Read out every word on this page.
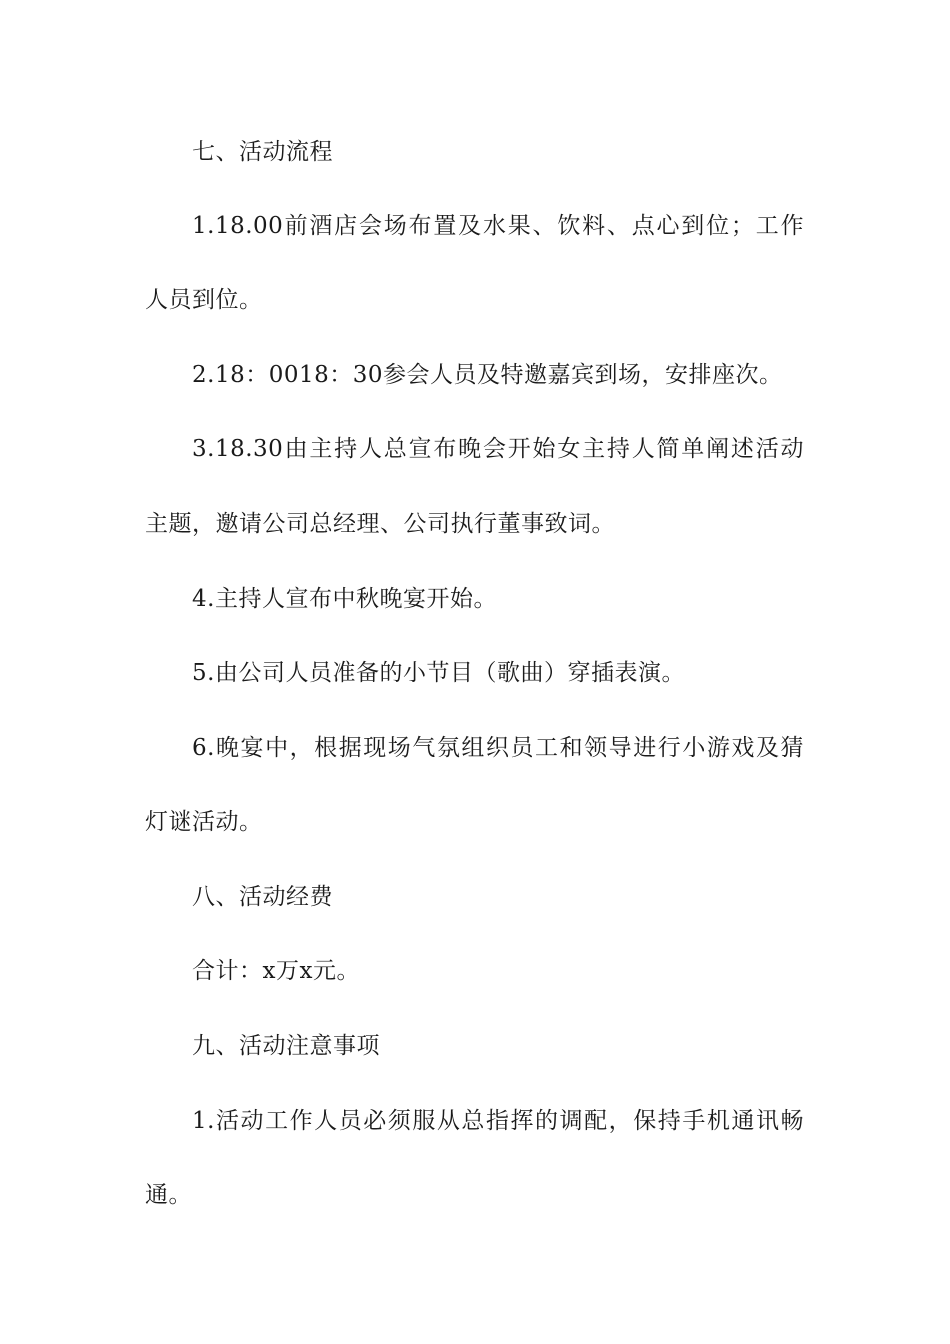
七、活动流程
1.18.00前酒店会场布置及水果、饮料、点心到位；工作
人员到位。
2.18：0018：30参会人员及特邀嘉宾到场，安排座次。
3.18.30由主持人总宣布晚会开始女主持人简单阐述活动
主题，邀请公司总经理、公司执行董事致词。
4.主持人宣布中秋晚宴开始。
5.由公司人员准备的小节目（歌曲）穿插表演。
6.晚宴中，根据现场气氛组织员工和领导进行小游戏及猜
灯谜活动。
八、活动经费
合计：x万x元。
九、活动注意事项
1.活动工作人员必须服从总指挥的调配，保持手机通讯畅
通。
